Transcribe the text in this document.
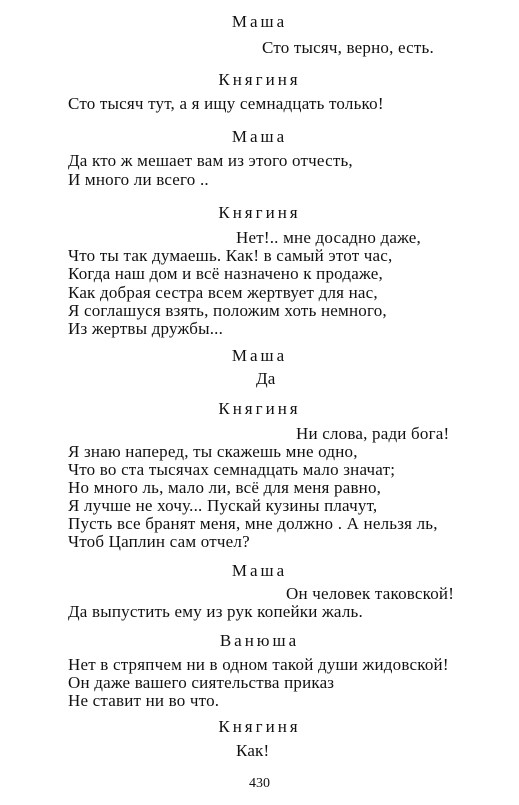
Маша
Сто тысяч, верно, есть.
Княгиня
Сто тысяч тут, а я ищу семнадцать только!
Маша
Да кто ж мешает вам из этого отчесть,
И много ли всего ..
Княгиня
Нет!.. мне досадно даже,
Что ты так думаешь. Как! в самый этот час,
Когда наш дом и всё назначено к продаже,
Как добрая сестра всем жертвует для нас,
Я соглашуся взять, положим хоть немного,
Из жертвы дружбы...
Маша
Да
Княгиня
Ни слова, ради бога!
Я знаю наперед, ты скажешь мне одно,
Что во ста тысячах семнадцать мало значат;
Но много ль, мало ли, всё для меня равно,
Я лучше не хочу... Пускай кузины плачут,
Пусть все бранят меня, мне должно . А нельзя ль,
Чтоб Цаплин сам отчел?
Маша
Он человек таковской!
Да выпустить ему из рук копейки жаль.
Ванюша
Нет в стряпчем ни в одном такой души жидовской!
Он даже вашего сиятельства приказ
Не ставит ни во что.
Княгиня
Как!
430
